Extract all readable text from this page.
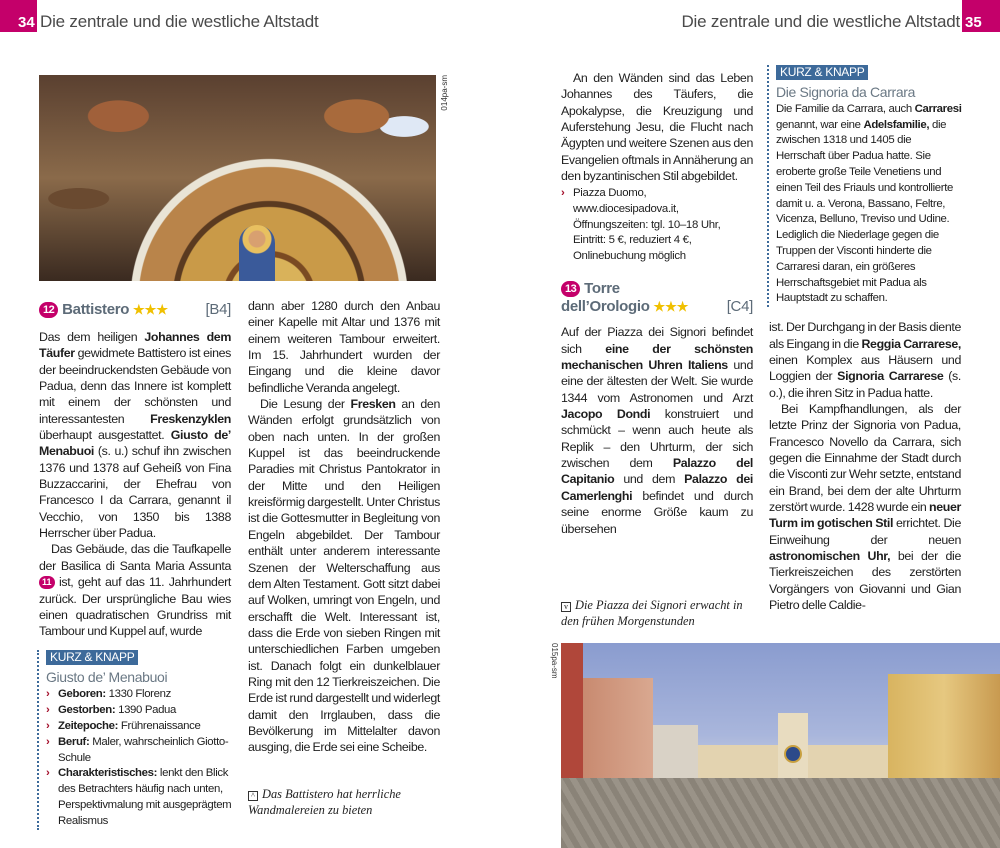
34 Die zentrale und die westliche Altstadt
014pa-sm
12 Battistero ★★★	[B4]

Das dem heiligen Johannes dem Täufer gewidmete Battistero ist eines der beeindruckendsten Gebäude von Padua, denn das Innere ist komplett mit einem der schönsten und interessantesten Freskenzyklen überhaupt ausgestattet. Giusto de’ Menabuoi (s. u.) schuf ihn zwischen 1376 und 1378 auf Geheiß von Fina Buzzaccarini, der Ehefrau von Francesco I da Carrara, genannt il Vecchio, von 1350 bis 1388 Herrscher über Padua.

Das Gebäude, das die Taufkapelle der Basilica di Santa Maria Assunta 11 ist, geht auf das 11. Jahrhundert zurück. Der ursprüngliche Bau wies einen quadratischen Grundriss mit Tambour und Kuppel auf, wurde

KURZ & KNAPP
Giusto de’ Menabuoi
› Geboren: 1330 Florenz
› Gestorben: 1390 Padua
› Zeitepoche: Frührenaissance
› Beruf: Maler, wahrscheinlich Giotto-Schule
› Charakteristisches: lenkt den Blick des Betrachters häufig nach unten, Perspektivmalung mit ausgeprägtem Realismus

dann aber 1280 durch den Anbau einer Kapelle mit Altar und 1376 mit einem weiteren Tambour erweitert. Im 15. Jahrhundert wurden der Eingang und die kleine davor befindliche Veranda angelegt.

Die Lesung der Fresken an den Wänden erfolgt grundsätzlich von oben nach unten. In der großen Kuppel ist das beeindruckende Paradies mit Christus Pantokrator in der Mitte und den Heiligen kreisförmig dargestellt. Unter Christus ist die Gottesmutter in Begleitung von Engeln abgebildet. Der Tambour enthält unter anderem interessante Szenen der Welterschaffung aus dem Alten Testament. Gott sitzt dabei auf Wolken, umringt von Engeln, und erschafft die Welt. Interessant ist, dass die Erde von sieben Ringen mit unterschiedlichen Farben umgeben ist. Danach folgt ein dunkelblauer Ring mit den 12 Tierkreiszeichen. Die Erde ist rund dargestellt und widerlegt damit den Irrglauben, dass die Bevölkerung im Mittelalter davon ausging, die Erde sei eine Scheibe.

^ Das Battistero hat herrliche Wandmalereien zu bieten
Die zentrale und die westliche Altstadt 35

An den Wänden sind das Leben Johannes des Täufers, die Apokalypse, die Kreuzigung und Auferstehung Jesu, die Flucht nach Ägypten und weitere Szenen aus den Evangelien oftmals in Annäherung an den byzantinischen Stil abgebildet.

› Piazza Duomo, www.diocesipadova.it, Öffnungszeiten: tgl. 10–18 Uhr, Eintritt: 5 €, reduziert 4 €, Onlinebuchung möglich
13 Torre
dell’Orologio ★★★	[C4]

Auf der Piazza dei Signori befindet sich eine der schönsten mechanischen Uhren Italiens und eine der ältesten der Welt. Sie wurde 1344 vom Astronomen und Arzt Jacopo Dondi konstruiert und schmückt – wenn auch heute als Replik – den Uhrturm, der sich zwischen dem Palazzo del Capitanio und dem Palazzo dei Camerlenghi befindet und durch seine enorme Größe kaum zu übersehen

v Die Piazza dei Signori erwacht in den frühen Morgenstunden
KURZ & KNAPP
Die Signoria da Carrara
Die Familie da Carrara, auch Carraresi genannt, war eine Adelsfamilie, die zwischen 1318 und 1405 die Herrschaft über Padua hatte. Sie eroberte große Teile Venetiens und einen Teil des Friauls und kontrollierte damit u. a. Verona, Bassano, Feltre, Vicenza, Belluno, Treviso und Udine. Lediglich die Niederlage gegen die Truppen der Visconti hinderte die Carraresi daran, ein größeres Herrschaftsgebiet mit Padua als Hauptstadt zu schaffen.

ist. Der Durchgang in der Basis diente als Eingang in die Reggia Carrarese, einen Komplex aus Häusern und Loggien der Signoria Carrarese (s. o.), die ihren Sitz in Padua hatte.

Bei Kampfhandlungen, als der letzte Prinz der Signoria von Padua, Francesco Novello da Carrara, sich gegen die Einnahme der Stadt durch die Visconti zur Wehr setzte, entstand ein Brand, bei dem der alte Uhrturm zerstört wurde. 1428 wurde ein neuer Turm im gotischen Stil errichtet. Die Einweihung der neuen astronomischen Uhr, bei der die Tierkreiszeichen des zerstörten Vorgängers von Giovanni und Gian Pietro delle Caldie-

015pa-sm
